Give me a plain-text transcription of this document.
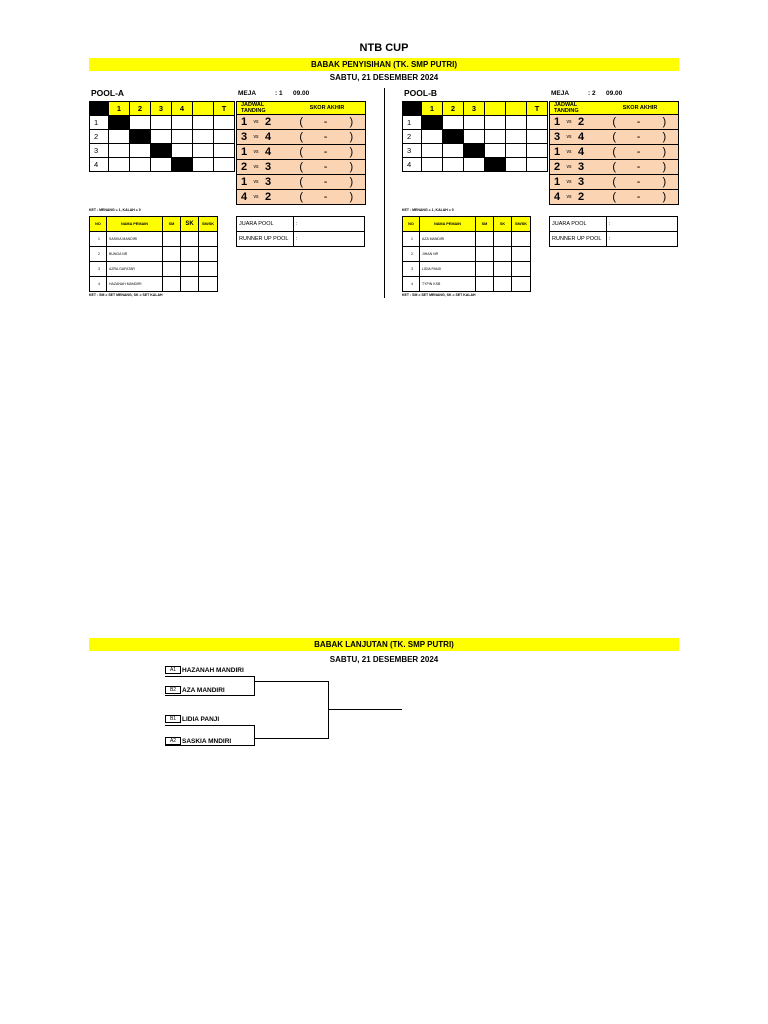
NTB CUP
BABAK PENYISIHAN (TK. SMP PUTRI)
SABTU, 21 DESEMBER 2024
POOL-A	MEJA	: 1 09.00
	1	2	3	4		T
1						
2						
3						
4						
JADWAL TANDING				SKOR AKHIR		
1	vs	2		(	-	)
3	vs	4		(	-	)
1	vs	4		(	-	)
2	vs	3		(	-	)
1	vs	3		(	-	)
4	vs	2		(	-	)
KET : MENANG = 1, KALAH = 0
NO	NAMA PEMAIN	SM	SK	SM/SK
1	SASKIA MANDIRI			
2	BUNGA NR			
3	AZRA GAFATAR			
4	HAZANAH MANDIRI			
JUARA POOL	:
RUNNER UP POOL	:
KET : SM = SET MENANG, SK = SET KALAH
POOL-B	MEJA	: 2 09.00
	1	2	3			T
1						
2						
3						
4						
JADWAL TANDING				SKOR AKHIR		
1	vs	2		(	-	)
3	vs	4		(	-	)
1	vs	4		(	-	)
2	vs	3		(	-	)
1	vs	3		(	-	)
4	vs	2		(	-	)
KET : MENANG = 1, KALAH = 0
NO	NAMA PEMAIN	SM	SK	SM/SK
1	AZA MANDIRI			
2	JIHAN NR			
3	LIDIA PANJI			
4	TYPIN KSB			
JUARA POOL	:
RUNNER UP POOL	:
KET : SM = SET MENANG, SK = SET KALAH
BABAK LANJUTAN (TK. SMP PUTRI)
SABTU, 21 DESEMBER 2024
A1 HAZANAH MANDIRI
B2 AZA MANDIRI
B1 LIDIA PANJI
A2 SASKIA MNDIRI
